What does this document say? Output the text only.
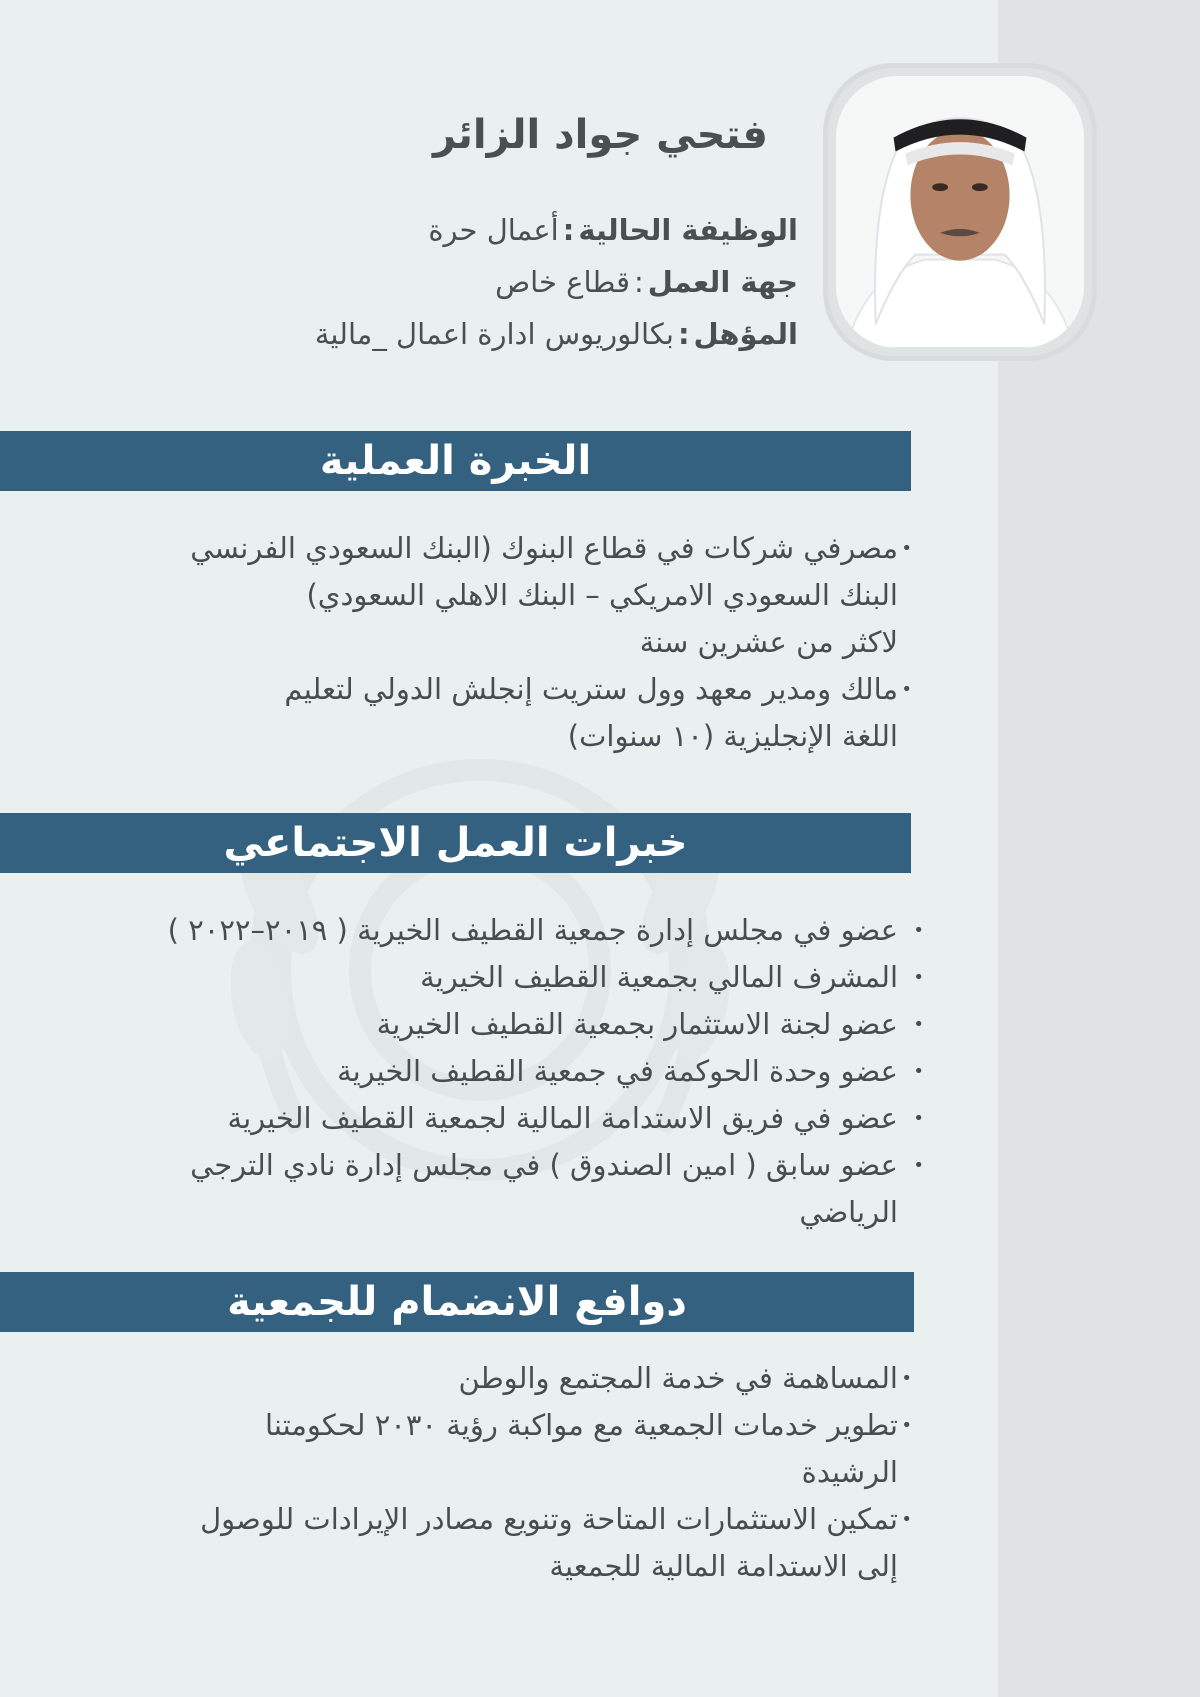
فتحي جواد الزائر
الوظيفة الحالية:أعمال حرة
جهة العمل:قطاع خاص
المؤهل:بكالوريوس ادارة اعمال _مالية
الخبرة العملية
•
مصرفي شركات في قطاع البنوك (البنك السعودي الفرنسي
البنك السعودي الامريكي – البنك الاهلي السعودي)
لاكثر من عشرين سنة
•
مالك ومدير معهد وول ستريت إنجلش الدولي لتعليم
اللغة الإنجليزية (١٠ سنوات)
خبرات العمل الاجتماعي
•
عضو في مجلس إدارة جمعية القطيف الخيرية ( ٢٠١٩–٢٠٢٢ )
•
المشرف المالي بجمعية القطيف الخيرية
•
عضو لجنة الاستثمار بجمعية القطيف الخيرية
•
عضو وحدة الحوكمة في جمعية القطيف الخيرية
•
عضو في فريق الاستدامة المالية لجمعية القطيف الخيرية
•
عضو سابق ( امين الصندوق ) في مجلس إدارة نادي الترجي
الرياضي
دوافع الانضمام للجمعية
•
المساهمة في خدمة المجتمع والوطن
•
تطوير خدمات الجمعية مع مواكبة رؤية ٢٠٣٠ لحكومتنا
الرشيدة
•
تمكين الاستثمارات المتاحة وتنويع مصادر الإيرادات للوصول
إلى الاستدامة المالية للجمعية
